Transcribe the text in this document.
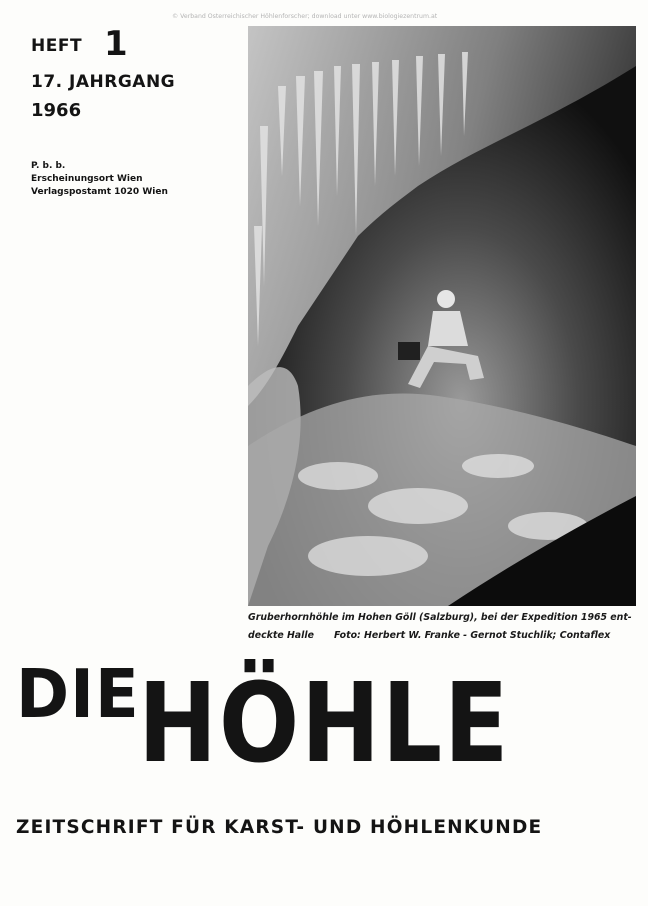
© Verband Österreichischer Höhlenforscher; download unter www.biologiezentrum.at
HEFT 1
17. JAHRGANG
1966
P. b. b.
Erscheinungsort Wien
Verlagspostamt 1020 Wien
Gruberhornhöhle im Hohen Göll (Salzburg), bei der Expedition 1965 ent-
deckte Halle Foto: Herbert W. Franke - Gernot Stuchlik; Contaflex
DIE
HÖHLE
ZEITSCHRIFT FÜR KARST- UND HÖHLENKUNDE
